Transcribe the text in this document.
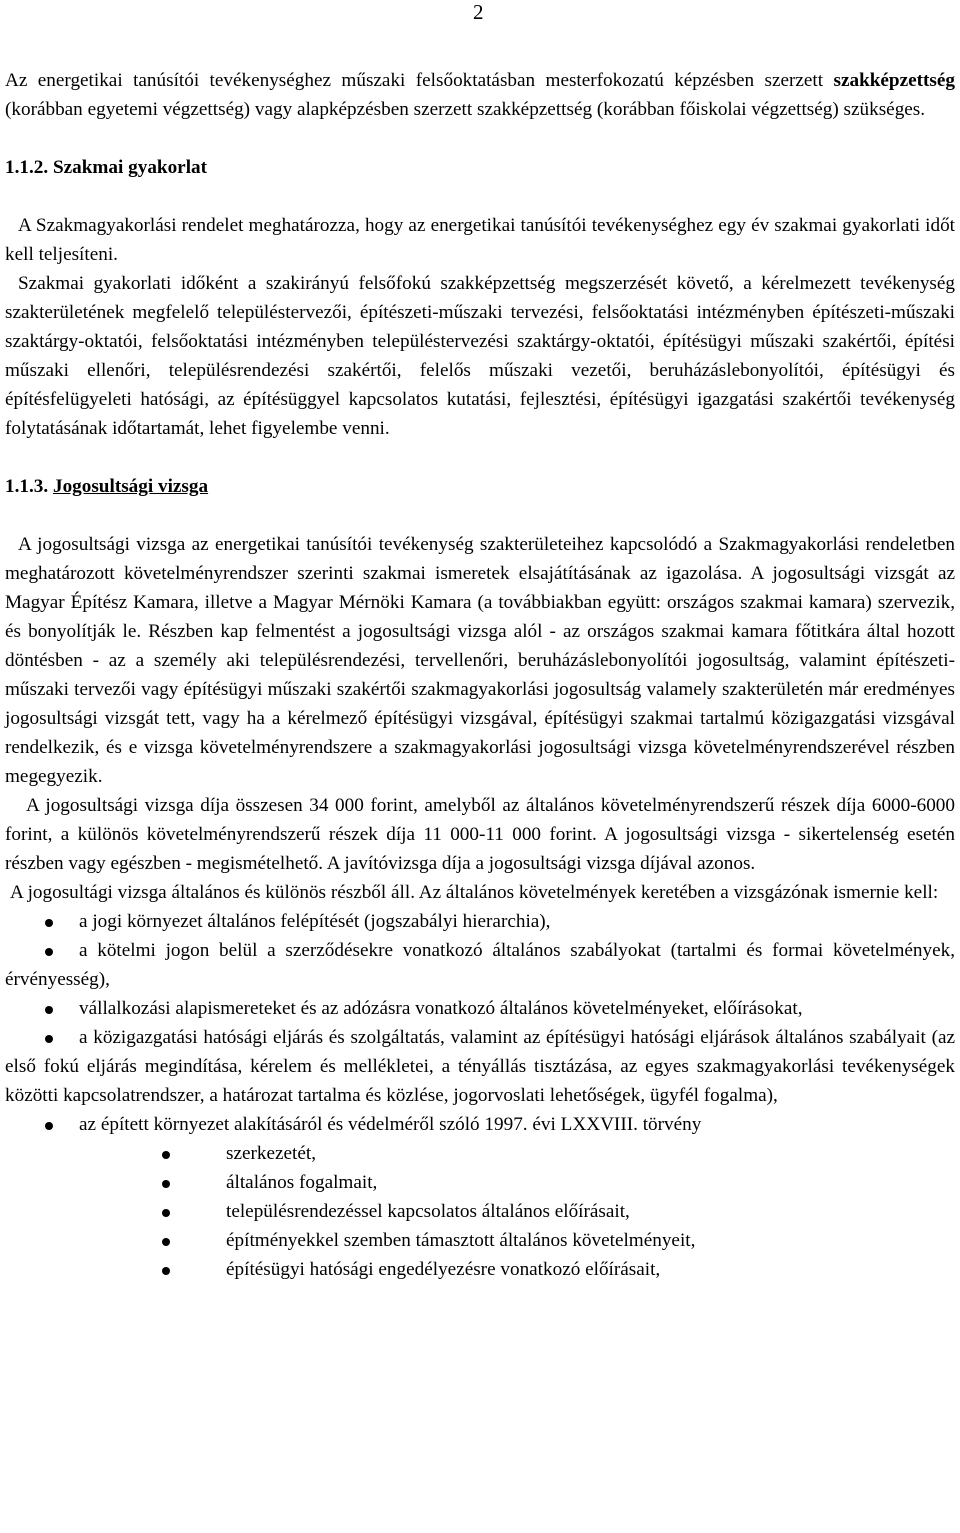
2

Az energetikai tanúsítói tevékenységhez műszaki felsőoktatásban mesterfokozatú képzésben szerzett szakképzettség (korábban egyetemi végzettség) vagy alapképzésben szerzett szakképzettség (korábban főiskolai végzettség) szükséges.

1.1.2. Szakmai gyakorlat

A Szakmagyakorlási rendelet meghatározza, hogy az energetikai tanúsítói tevékenységhez egy év szakmai gyakorlati időt kell teljesíteni.

Szakmai gyakorlati időként a szakirányú felsőfokú szakképzettség megszerzését követő, a kérelmezett tevékenység szakterületének megfelelő településtervezői, építészeti-műszaki tervezési, felsőoktatási intézményben építészeti-műszaki szaktárgy-oktatói, felsőoktatási intézményben településtervezési szaktárgy-oktatói, építésügyi műszaki szakértői, építési műszaki ellenőri, településrendezési szakértői, felelős műszaki vezetői, beruházáslebonyolítói, építésügyi és építésfelügyeleti hatósági, az építésüggyel kapcsolatos kutatási, fejlesztési, építésügyi igazgatási szakértői tevékenység folytatásának időtartamát, lehet figyelembe venni.

1.1.3. Jogosultsági vizsga

A jogosultsági vizsga az energetikai tanúsítói tevékenység szakterületeihez kapcsolódó a Szakmagyakorlási rendeletben meghatározott követelményrendszer szerinti szakmai ismeretek elsajátításának az igazolása. A jogosultsági vizsgát az Magyar Építész Kamara, illetve a Magyar Mérnöki Kamara (a továbbiakban együtt: országos szakmai kamara) szervezik, és bonyolítják le. Részben kap felmentést a jogosultsági vizsga alól - az országos szakmai kamara főtitkára által hozott döntésben - az a személy aki településrendezési, tervellenőri, beruházáslebonyolítói jogosultság, valamint építészeti-műszaki tervezői vagy építésügyi műszaki szakértői szakmagyakorlási jogosultság valamely szakterületén már eredményes jogosultsági vizsgát tett, vagy ha a kérelmező építésügyi vizsgával, építésügyi szakmai tartalmú közigazgatási vizsgával rendelkezik, és e vizsga követelményrendszere a szakmagyakorlási jogosultsági vizsga követelményrendszerével részben megegyezik.

A jogosultsági vizsga díja összesen 34 000 forint, amelyből az általános követelményrendszerű részek díja 6000-6000 forint, a különös követelményrendszerű részek díja 11 000-11 000 forint. A jogosultsági vizsga - sikertelenség esetén részben vagy egészben - megismételhető. A javítóvizsga díja a jogosultsági vizsga díjával azonos.

A jogosultági vizsga általános és különös részből áll. Az általános követelmények keretében a vizsgázónak ismernie kell:

a jogi környezet általános felépítését (jogszabályi hierarchia),
a kötelmi jogon belül a szerződésekre vonatkozó általános szabályokat (tartalmi és formai követelmények, érvényesség),
vállalkozási alapismereteket és az adózásra vonatkozó általános követelményeket, előírásokat,
a közigazgatási hatósági eljárás és szolgáltatás, valamint az építésügyi hatósági eljárások általános szabályait (az első fokú eljárás megindítása, kérelem és mellékletei, a tényállás tisztázása, az egyes szakmagyakorlási tevékenységek közötti kapcsolatrendszer, a határozat tartalma és közlése, jogorvoslati lehetőségek, ügyfél fogalma),
az épített környezet alakításáról és védelméről szóló 1997. évi LXXVIII. törvény
szerkezetét,
általános fogalmait,
településrendezéssel kapcsolatos általános előírásait,
építményekkel szemben támasztott általános követelményeit,
építésügyi hatósági engedélyezésre vonatkozó előírásait,
